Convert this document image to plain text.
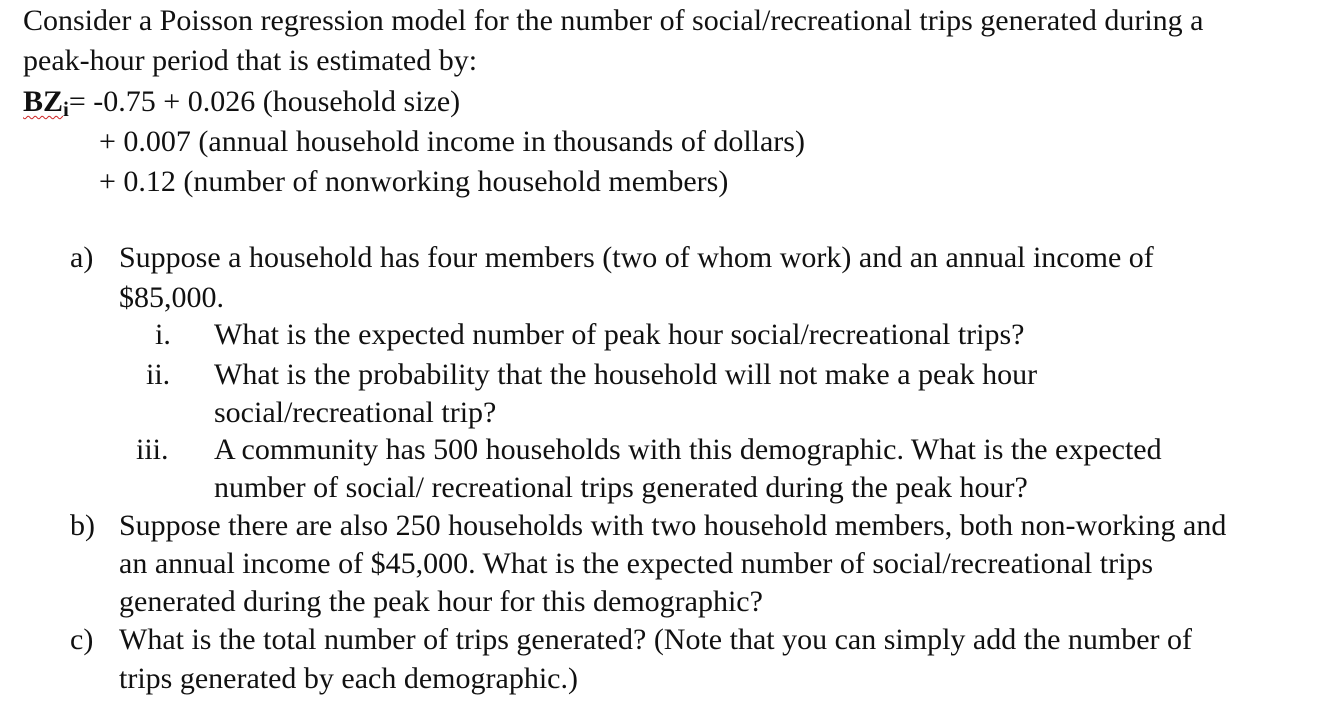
Consider a Poisson regression model for the number of social/recreational trips generated during a
peak-hour period that is estimated by:
$BZ_i= -0.75 + 0.026$ (household size)
+ 0.007 (annual household income in thousands of dollars)
+ 0.12 (number of nonworking household members)
a) Suppose a household has four members (two of whom work) and an annual income of
$85,000.
i. What is the expected number of peak hour social/recreational trips?
ii. What is the probability that the household will not make a peak hour
social/recreational trip?
iii. A community has 500 households with this demographic. What is the expected
number of social/ recreational trips generated during the peak hour?
b) Suppose there are also 250 households with two household members, both non-working and
an annual income of $45,000. What is the expected number of social/recreational trips
generated during the peak hour for this demographic?
c) What is the total number of trips generated? (Note that you can simply add the number of
trips generated by each demographic.)
